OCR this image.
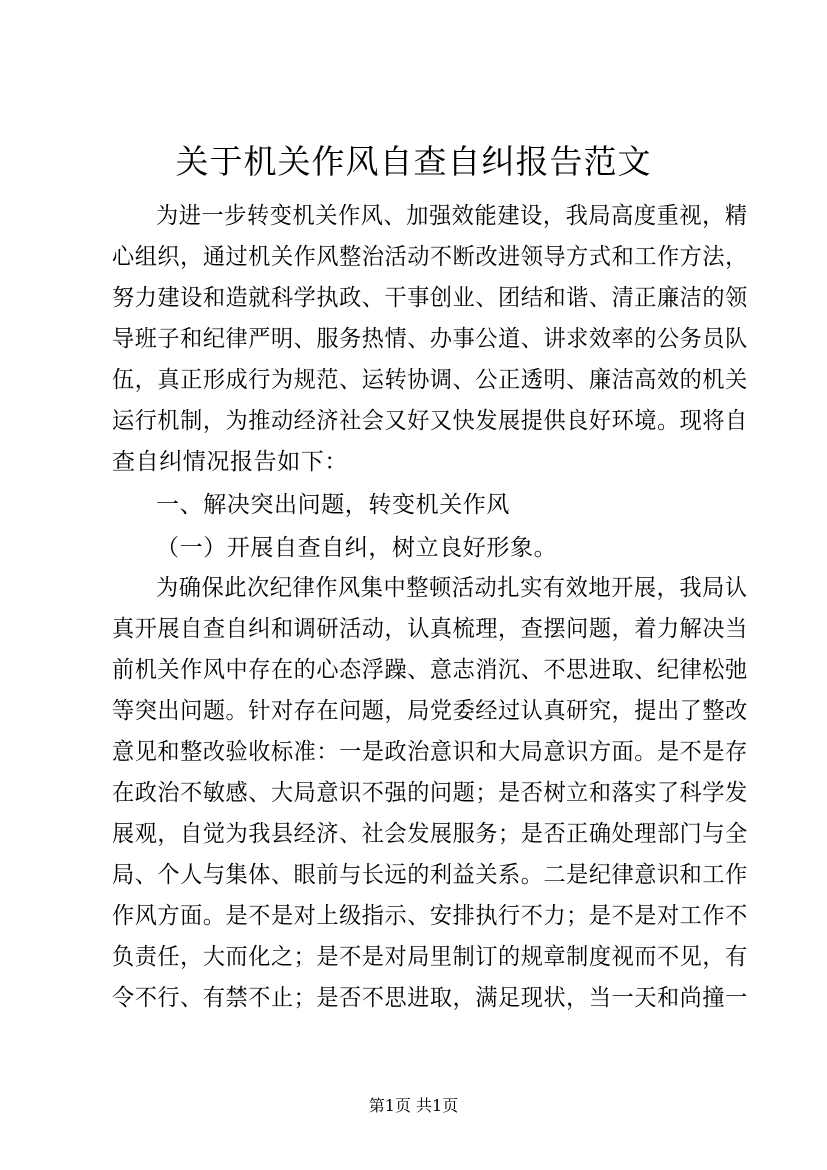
关于机关作风自查自纠报告范文
为进一步转变机关作风、加强效能建设，我局高度重视，精
心组织，通过机关作风整治活动不断改进领导方式和工作方法，
努力建设和造就科学执政、干事创业、团结和谐、清正廉洁的领
导班子和纪律严明、服务热情、办事公道、讲求效率的公务员队
伍，真正形成行为规范、运转协调、公正透明、廉洁高效的机关
运行机制，为推动经济社会又好又快发展提供良好环境。现将自
查自纠情况报告如下：
一、解决突出问题，转变机关作风
（一）开展自查自纠，树立良好形象。
为确保此次纪律作风集中整顿活动扎实有效地开展，我局认
真开展自查自纠和调研活动，认真梳理，查摆问题，着力解决当
前机关作风中存在的心态浮躁、意志消沉、不思进取、纪律松弛
等突出问题。针对存在问题，局党委经过认真研究，提出了整改
意见和整改验收标准：一是政治意识和大局意识方面。是不是存
在政治不敏感、大局意识不强的问题；是否树立和落实了科学发
展观，自觉为我县经济、社会发展服务；是否正确处理部门与全
局、个人与集体、眼前与长远的利益关系。二是纪律意识和工作
作风方面。是不是对上级指示、安排执行不力；是不是对工作不
负责任，大而化之；是不是对局里制订的规章制度视而不见，有
令不行、有禁不止；是否不思进取，满足现状，当一天和尚撞一
第1页 共1页
